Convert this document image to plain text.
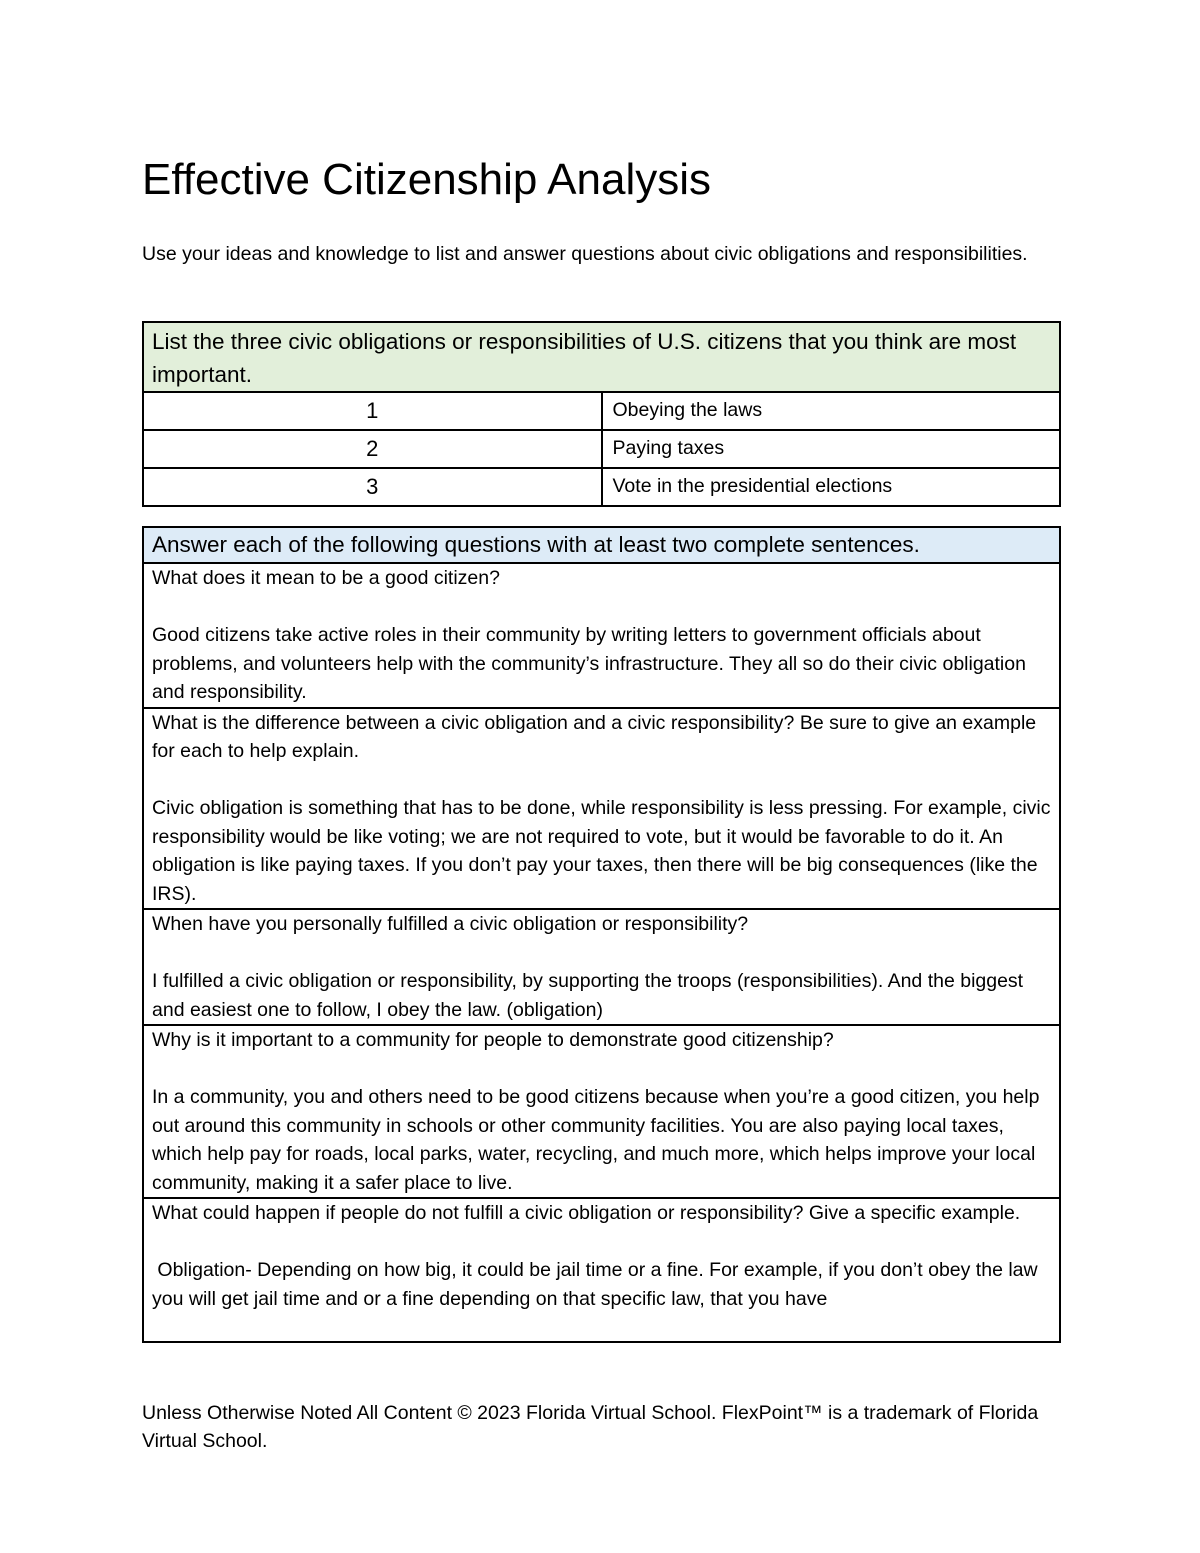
Effective Citizenship Analysis

Use your ideas and knowledge to list and answer questions about civic obligations and responsibilities.

List the three civic obligations or responsibilities of U.S. citizens that you think are most important.	
1	Obeying the laws
2	Paying taxes
3	Vote in the presidential elections
Answer each of the following questions with at least two complete sentences.

What does it mean to be a good citizen?

Good citizens take active roles in their community by writing letters to government officials about problems, and volunteers help with the community’s infrastructure. They all so do their civic obligation and responsibility.

What is the difference between a civic obligation and a civic responsibility? Be sure to give an example for each to help explain.

Civic obligation is something that has to be done, while responsibility is less pressing. For example, civic responsibility would be like voting; we are not required to vote, but it would be favorable to do it. An obligation is like paying taxes. If you don’t pay your taxes, then there will be big consequences (like the IRS).

When have you personally fulfilled a civic obligation or responsibility?

I fulfilled a civic obligation or responsibility, by supporting the troops (responsibilities). And the biggest and easiest one to follow, I obey the law. (obligation)

Why is it important to a community for people to demonstrate good citizenship?

In a community, you and others need to be good citizens because when you’re a good citizen, you help out around this community in schools or other community facilities. You are also paying local taxes, which help pay for roads, local parks, water, recycling, and much more, which helps improve your local community, making it a safer place to live.

What could happen if people do not fulfill a civic obligation or responsibility? Give a specific example.

Obligation- Depending on how big, it could be jail time or a fine. For example, if you don’t obey the law you will get jail time and or a fine depending on that specific law, that you have

Unless Otherwise Noted All Content © 2023 Florida Virtual School. FlexPoint™ is a trademark of Florida Virtual School.
